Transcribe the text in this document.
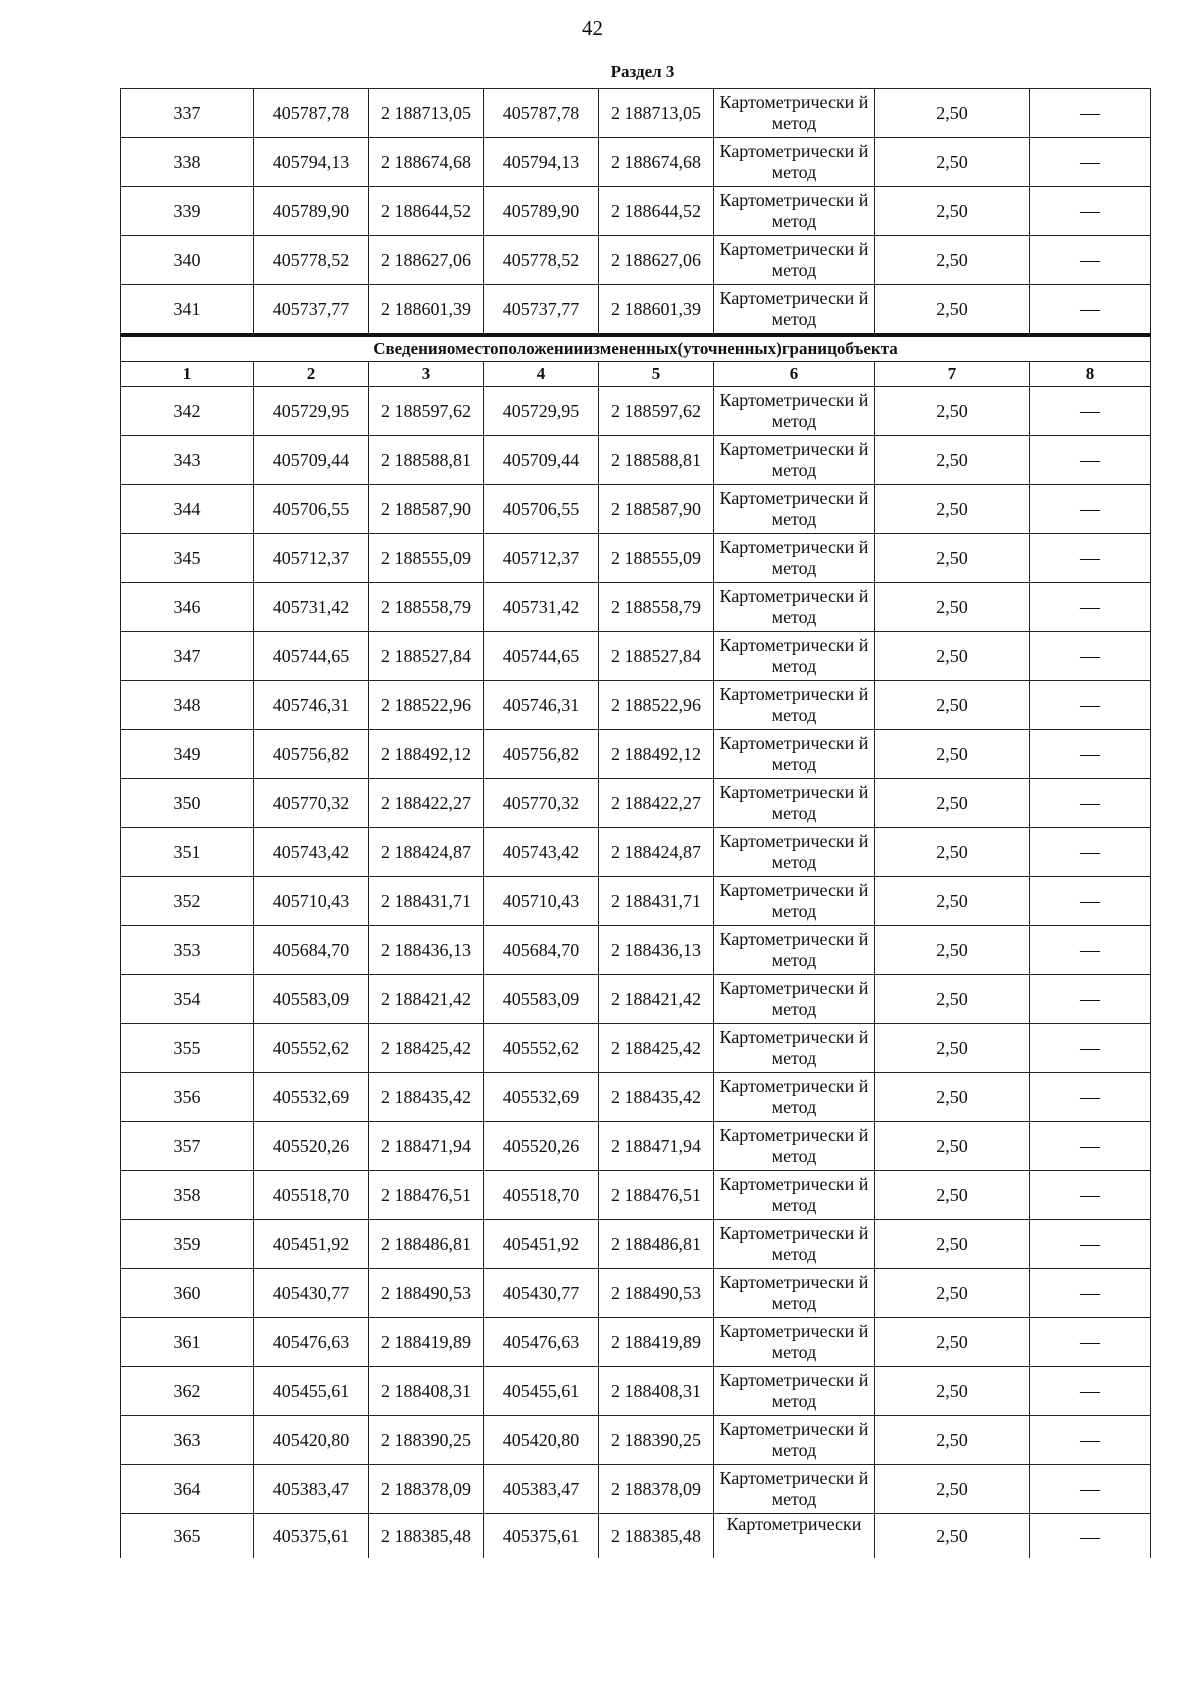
42
Раздел 3
337	405787,78	2 188713,05	405787,78	2 188713,05	Картометрически й метод	2,50	—
338	405794,13	2 188674,68	405794,13	2 188674,68	Картометрически й метод	2,50	—
339	405789,90	2 188644,52	405789,90	2 188644,52	Картометрически й метод	2,50	—
340	405778,52	2 188627,06	405778,52	2 188627,06	Картометрически й метод	2,50	—
341	405737,77	2 188601,39	405737,77	2 188601,39	Картометрически й метод	2,50	—
Сведенияоместоположенииизмененных(уточненных)границобъекта							
1	2	3	4	5	6	7	8
342	405729,95	2 188597,62	405729,95	2 188597,62	Картометрически й метод	2,50	—
343	405709,44	2 188588,81	405709,44	2 188588,81	Картометрически й метод	2,50	—
344	405706,55	2 188587,90	405706,55	2 188587,90	Картометрически й метод	2,50	—
345	405712,37	2 188555,09	405712,37	2 188555,09	Картометрически й метод	2,50	—
346	405731,42	2 188558,79	405731,42	2 188558,79	Картометрически й метод	2,50	—
347	405744,65	2 188527,84	405744,65	2 188527,84	Картометрически й метод	2,50	—
348	405746,31	2 188522,96	405746,31	2 188522,96	Картометрически й метод	2,50	—
349	405756,82	2 188492,12	405756,82	2 188492,12	Картометрически й метод	2,50	—
350	405770,32	2 188422,27	405770,32	2 188422,27	Картометрически й метод	2,50	—
351	405743,42	2 188424,87	405743,42	2 188424,87	Картометрически й метод	2,50	—
352	405710,43	2 188431,71	405710,43	2 188431,71	Картометрически й метод	2,50	—
353	405684,70	2 188436,13	405684,70	2 188436,13	Картометрически й метод	2,50	—
354	405583,09	2 188421,42	405583,09	2 188421,42	Картометрически й метод	2,50	—
355	405552,62	2 188425,42	405552,62	2 188425,42	Картометрически й метод	2,50	—
356	405532,69	2 188435,42	405532,69	2 188435,42	Картометрически й метод	2,50	—
357	405520,26	2 188471,94	405520,26	2 188471,94	Картометрически й метод	2,50	—
358	405518,70	2 188476,51	405518,70	2 188476,51	Картометрически й метод	2,50	—
359	405451,92	2 188486,81	405451,92	2 188486,81	Картометрически й метод	2,50	—
360	405430,77	2 188490,53	405430,77	2 188490,53	Картометрически й метод	2,50	—
361	405476,63	2 188419,89	405476,63	2 188419,89	Картометрически й метод	2,50	—
362	405455,61	2 188408,31	405455,61	2 188408,31	Картометрически й метод	2,50	—
363	405420,80	2 188390,25	405420,80	2 188390,25	Картометрически й метод	2,50	—
364	405383,47	2 188378,09	405383,47	2 188378,09	Картометрически й метод	2,50	—
365	405375,61	2 188385,48	405375,61	2 188385,48	Картометрически	2,50	—
